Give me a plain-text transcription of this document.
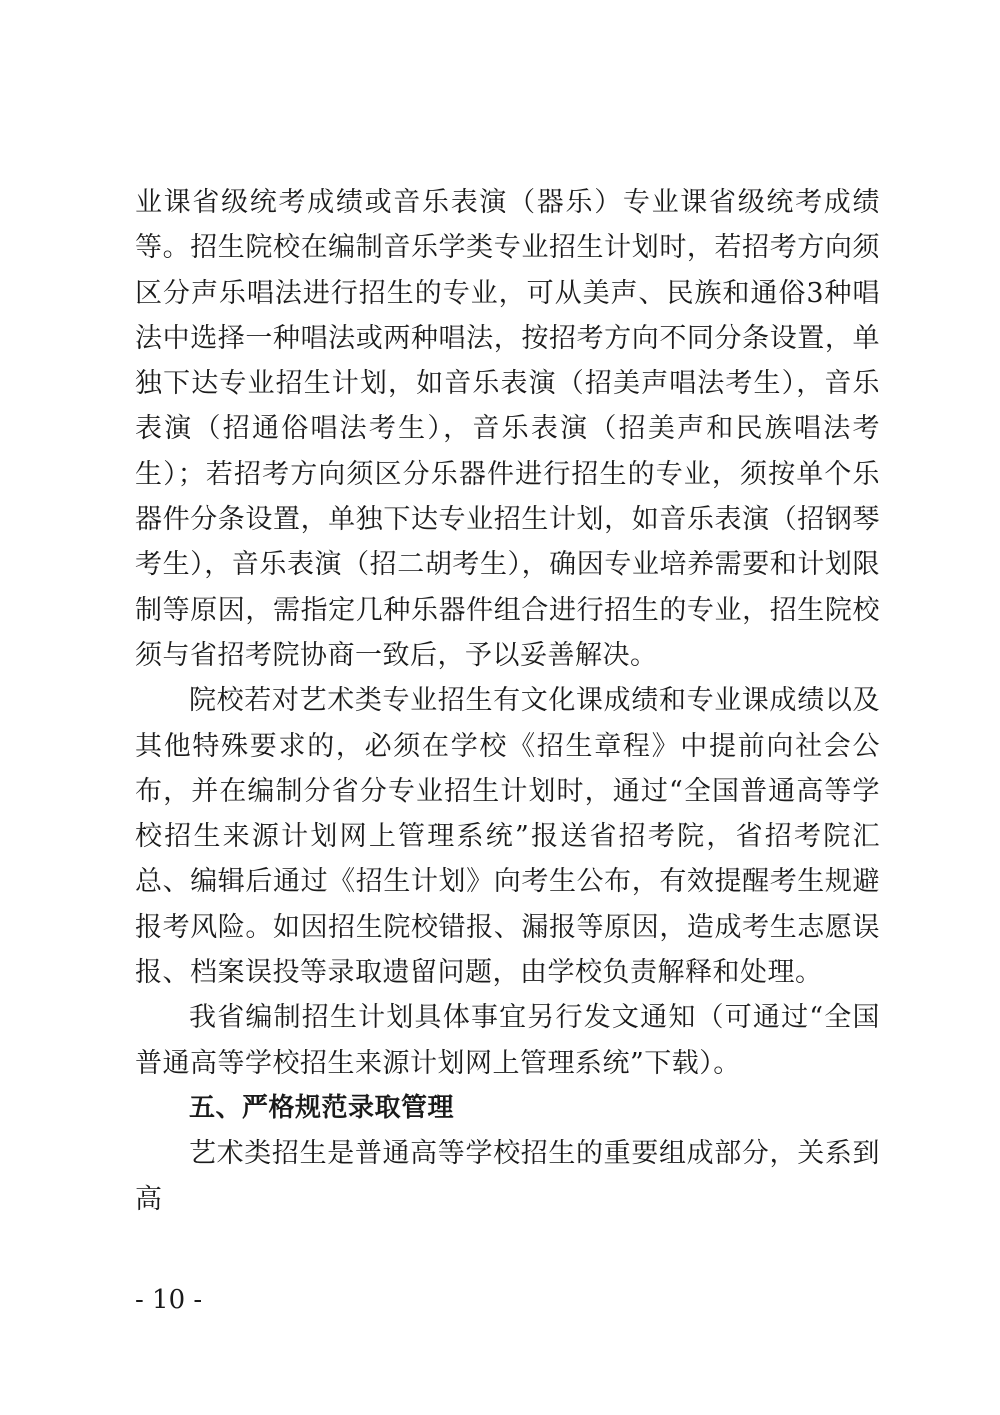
业课省级统考成绩或音乐表演（器乐）专业课省级统考成绩等。招生院校在编制音乐学类专业招生计划时，若招考方向须区分声乐唱法进行招生的专业，可从美声、民族和通俗3种唱法中选择一种唱法或两种唱法，按招考方向不同分条设置，单独下达专业招生计划，如音乐表演（招美声唱法考生），音乐表演（招通俗唱法考生），音乐表演（招美声和民族唱法考生）；若招考方向须区分乐器件进行招生的专业，须按单个乐器件分条设置，单独下达专业招生计划，如音乐表演（招钢琴考生），音乐表演（招二胡考生），确因专业培养需要和计划限制等原因，需指定几种乐器件组合进行招生的专业，招生院校须与省招考院协商一致后，予以妥善解决。

院校若对艺术类专业招生有文化课成绩和专业课成绩以及其他特殊要求的，必须在学校《招生章程》中提前向社会公布，并在编制分省分专业招生计划时，通过“全国普通高等学校招生来源计划网上管理系统”报送省招考院，省招考院汇总、编辑后通过《招生计划》向考生公布，有效提醒考生规避报考风险。如因招生院校错报、漏报等原因，造成考生志愿误报、档案误投等录取遗留问题，由学校负责解释和处理。

我省编制招生计划具体事宜另行发文通知（可通过“全国普通高等学校招生来源计划网上管理系统”下载）。

五、严格规范录取管理

艺术类招生是普通高等学校招生的重要组成部分，关系到高

- 10 -
